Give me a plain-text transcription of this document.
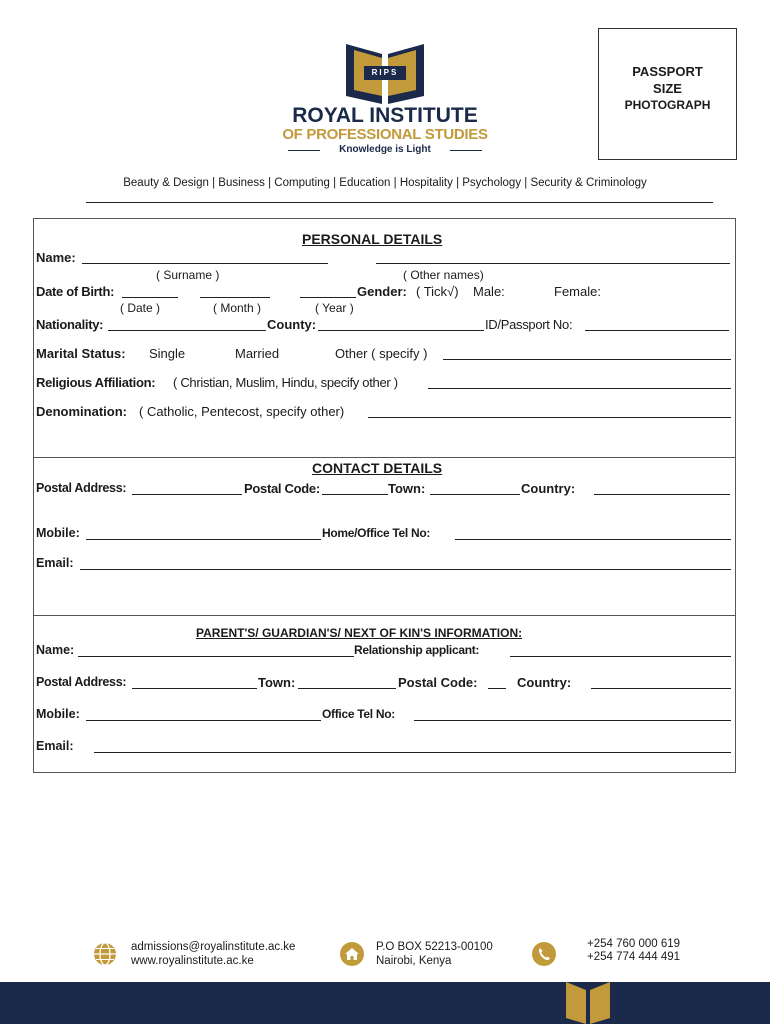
RIPS
ROYAL INSTITUTE
OF PROFESSIONAL STUDIES
Knowledge is Light
PASSPORT
SIZE
PHOTOGRAPH
Beauty & Design | Business | Computing | Education | Hospitality | Psychology | Security & Criminology
PERSONAL DETAILS
Name:
( Surname )	( Other names)
Date of Birth:	Gender: ( Tick√) Male:	Female:
( Date )	( Month )	( Year )
Nationality:	County:	ID/Passport No:
Marital Status: Single	Married	Other ( specify )
Religious Affiliation: ( Christian, Muslim, Hindu, specify other )
Denomination: ( Catholic, Pentecost, specify other)
CONTACT DETAILS
Postal Address:	Postal Code:	Town:	Country:
Mobile:	Home/Office Tel No:
Email:
PARENT'S/ GUARDIAN'S/ NEXT OF KIN'S INFORMATION:
Name:	Relationship applicant:
Postal Address:	Town:	Postal Code:	Country:
Mobile:	Office Tel No:
Email:
admissions@royalinstitute.ac.ke
www.royalinstitute.ac.ke
P.O BOX 52213-00100
Nairobi, Kenya
+254 760 000 619
+254 774 444 491
